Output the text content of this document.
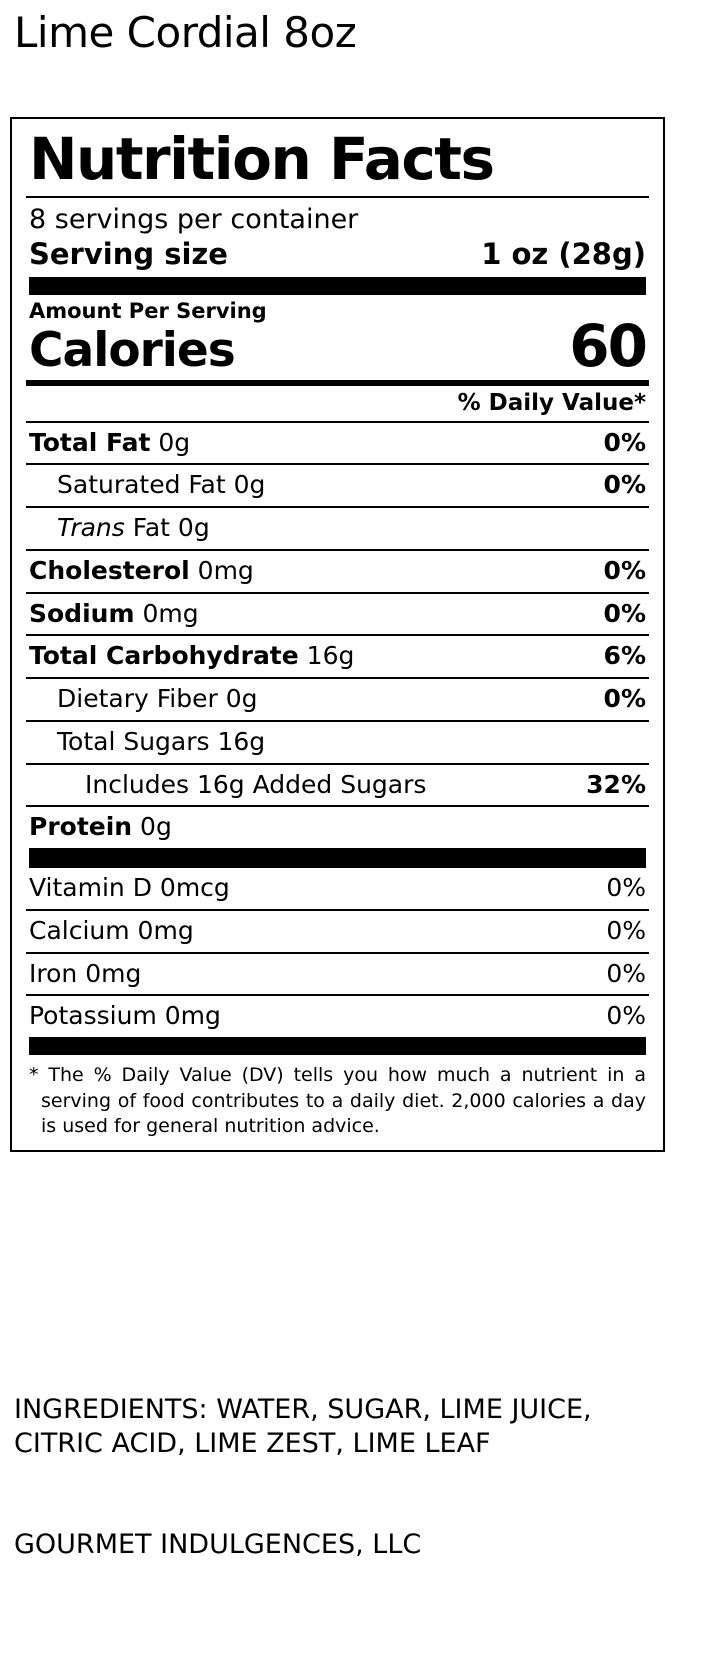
Lime Cordial 8oz
Nutrition Facts
8 servings per container
Serving size	1 oz (28g)
Amount Per Serving
Calories	60
% Daily Value*
Total Fat 0g	0%
Saturated Fat 0g	0%
Trans Fat 0g
Cholesterol 0mg	0%
Sodium 0mg	0%
Total Carbohydrate 16g	6%
Dietary Fiber 0g	0%
Total Sugars 16g
Includes 16g Added Sugars	32%
Protein 0g
Vitamin D 0mcg	0%
Calcium 0mg	0%
Iron 0mg	0%
Potassium 0mg	0%
* The % Daily Value (DV) tells you how much a nutrient in a serving of food contributes to a daily diet. 2,000 calories a day is used for general nutrition advice.
INGREDIENTS: WATER, SUGAR, LIME JUICE, CITRIC ACID, LIME ZEST, LIME LEAF
GOURMET INDULGENCES, LLC
